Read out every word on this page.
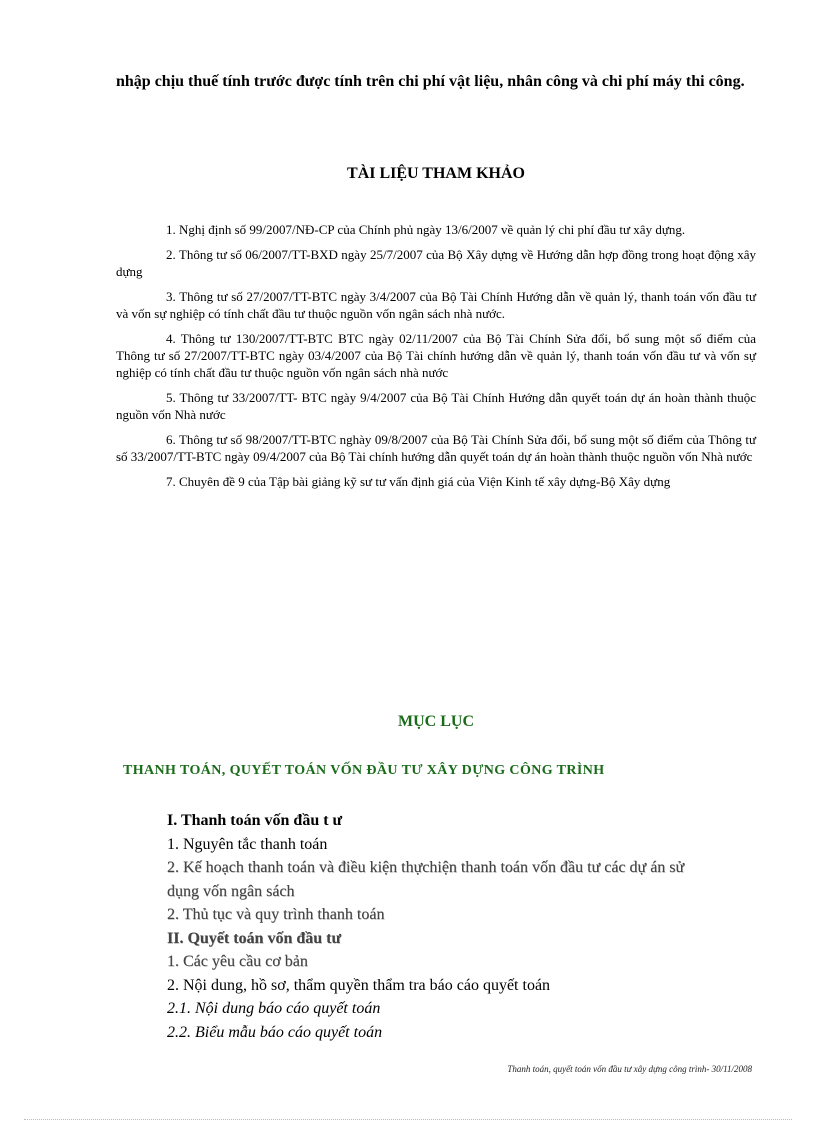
nhập chịu thuế tính trước được tính trên chi phí vật liệu, nhân công và chi phí máy thi công.
TÀI LIỆU THAM KHẢO

1. Nghị định số 99/2007/NĐ-CP của Chính phủ ngày 13/6/2007 về quản lý chi phí đầu tư xây dựng.

2. Thông tư số 06/2007/TT-BXD ngày 25/7/2007 của Bộ Xây dựng về Hướng dẫn hợp đồng trong hoạt động xây dựng

3. Thông tư số 27/2007/TT-BTC ngày 3/4/2007 của Bộ Tài Chính Hướng dẫn về quản lý, thanh toán vốn đầu tư và vốn sự nghiệp có tính chất đầu tư thuộc nguồn vốn ngân sách nhà nước.

4. Thông tư 130/2007/TT-BTC BTC ngày 02/11/2007 của Bộ Tài Chính Sửa đổi, bổ sung một số điểm của Thông tư số 27/2007/TT-BTC ngày 03/4/2007 của Bộ Tài chính hướng dẫn về quản lý, thanh toán vốn đầu tư và vốn sự nghiệp có tính chất đầu tư thuộc nguồn vốn ngân sách nhà nước

5. Thông tư 33/2007/TT- BTC ngày 9/4/2007 của Bộ Tài Chính Hướng dẫn quyết toán dự án hoàn thành thuộc nguồn vốn Nhà nước

6. Thông tư số 98/2007/TT-BTC nghày 09/8/2007 của Bộ Tài Chính Sửa đổi, bổ sung một số điểm của Thông tư số 33/2007/TT-BTC ngày 09/4/2007 của Bộ Tài chính hướng dẫn quyết toán dự án hoàn thành thuộc nguồn vốn Nhà nước

7. Chuyên đề 9 của Tập bài giảng kỹ sư tư vấn định giá của Viện Kinh tế xây dựng-Bộ Xây dựng

MỤC LỤC
THANH TOÁN, QUYẾT TOÁN VỐN ĐẦU TƯ XÂY DỰNG CÔNG TRÌNH
I. Thanh toán vốn đầu t ư
1. Nguyên tắc thanh toán
2. Kế hoạch thanh toán và điều kiện thựchiện thanh toán vốn đầu tư các dự án sử dụng vốn ngân sách
2. Thủ tục và quy trình thanh toán
II. Quyết toán vốn đầu tư
1. Các yêu cầu cơ bản
2. Nội dung, hồ sơ, thẩm quyền thẩm tra báo cáo quyết toán
2.1. Nội dung báo cáo quyết toán
2.2. Biểu mẫu báo cáo quyết toán
Thanh toán, quyết toán vốn đầu tư xây dựng công trình- 30/11/2008
